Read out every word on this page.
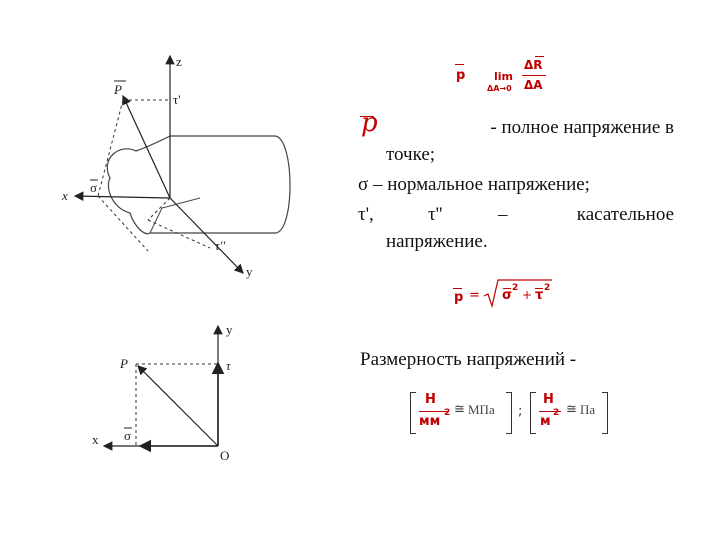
z
x
y
P
τ'
σ
τ''
p	lim
ΔA→0
ΔR
ΔA
p	- полное напряжение в
точке;
σ – нормальное напряжение;
τ',	τ''	–	касательное
напряжение.
p = σ 2 + τ 2
Размерность напряжений -
Н
мм
2 ≅ МПа ;
Н
м
2 ≅ Па
y
x
P	τ
σ
O
